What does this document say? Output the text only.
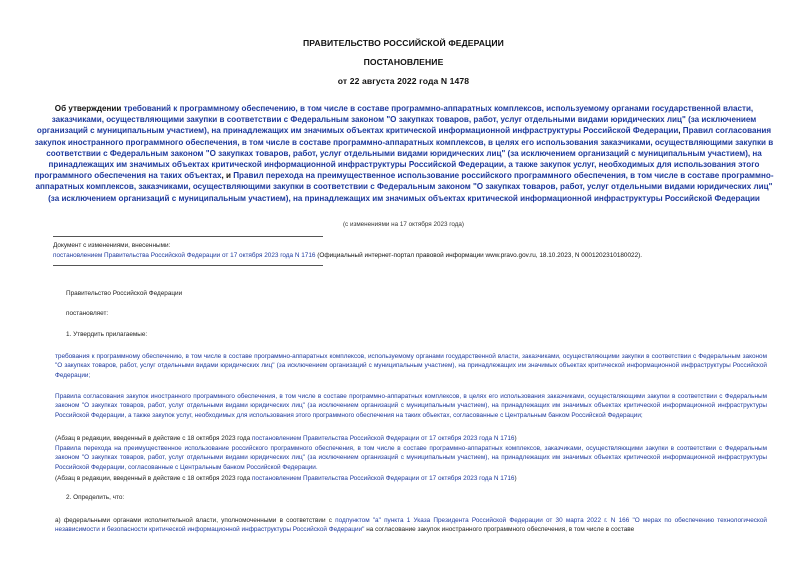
ПРАВИТЕЛЬСТВО РОССИЙСКОЙ ФЕДЕРАЦИИ
ПОСТАНОВЛЕНИЕ
от 22 августа 2022 года N 1478
Об утверждении требований к программному обеспечению, в том числе в составе программно-аппаратных комплексов, используемому органами государственной власти, заказчиками, осуществляющими закупки в соответствии с Федеральным законом "О закупках товаров, работ, услуг отдельными видами юридических лиц" (за исключением организаций с муниципальным участием), на принадлежащих им значимых объектах критической информационной инфраструктуры Российской Федерации, Правил согласования закупок иностранного программного обеспечения, в том числе в составе программно-аппаратных комплексов, в целях его использования заказчиками, осуществляющими закупки в соответствии с Федеральным законом "О закупках товаров, работ, услуг отдельными видами юридических лиц" (за исключением организаций с муниципальным участием), на принадлежащих им значимых объектах критической информационной инфраструктуры Российской Федерации, а также закупок услуг, необходимых для использования этого программного обеспечения на таких объектах, и Правил перехода на преимущественное использование российского программного обеспечения, в том числе в составе программно-аппаратных комплексов, заказчиками, осуществляющими закупки в соответствии с Федеральным законом "О закупках товаров, работ, услуг отдельными видами юридических лиц" (за исключением организаций с муниципальным участием), на принадлежащих им значимых объектах критической информационной инфраструктуры Российской Федерации
(с изменениями на 17 октября 2023 года)
Документ с изменениями, внесенными:
постановлением Правительства Российской Федерации от 17 октября 2023 года N 1716 (Официальный интернет-портал правовой информации www.pravo.gov.ru, 18.10.2023, N 0001202310180022).
Правительство Российской Федерации
постановляет:
1. Утвердить прилагаемые:
требования к программному обеспечению, в том числе в составе программно-аппаратных комплексов, используемому органами государственной власти, заказчиками, осуществляющими закупки в соответствии с Федеральным законом "О закупках товаров, работ, услуг отдельными видами юридических лиц" (за исключением организаций с муниципальным участием), на принадлежащих им значимых объектах критической информационной инфраструктуры Российской Федерации;
Правила согласования закупок иностранного программного обеспечения, в том числе в составе программно-аппаратных комплексов, в целях его использования заказчиками, осуществляющими закупки в соответствии с Федеральным законом "О закупках товаров, работ, услуг отдельными видами юридических лиц" (за исключением организаций с муниципальным участием), на принадлежащих им значимых объектах критической информационной инфраструктуры Российской Федерации, а также закупок услуг, необходимых для использования этого программного обеспечения на таких объектах, согласованные с Центральным банком Российской Федерации;
(Абзац в редакции, введенный в действие с 18 октября 2023 года постановлением Правительства Российской Федерации от 17 октября 2023 года N 1716)
Правила перехода на преимущественное использование российского программного обеспечения, в том числе в составе программно-аппаратных комплексов, заказчиками, осуществляющими закупки в соответствии с Федеральным законом "О закупках товаров, работ, услуг отдельными видами юридических лиц" (за исключением организаций с муниципальным участием), на принадлежащих им значимых объектах критической информационной инфраструктуры Российской Федерации, согласованные с Центральным банком Российской Федерации.
(Абзац в редакции, введенный в действие с 18 октября 2023 года постановлением Правительства Российской Федерации от 17 октября 2023 года N 1716)
2. Определить, что:
а) федеральными органами исполнительной власти, уполномоченными в соответствии с подпунктом "а" пункта 1 Указа Президента Российской Федерации от 30 марта 2022 г. N 166 "О мерах по обеспечению технологической независимости и безопасности критической информационной инфраструктуры Российской Федерации" на согласование закупок иностранного программного обеспечения, в том числе в составе
